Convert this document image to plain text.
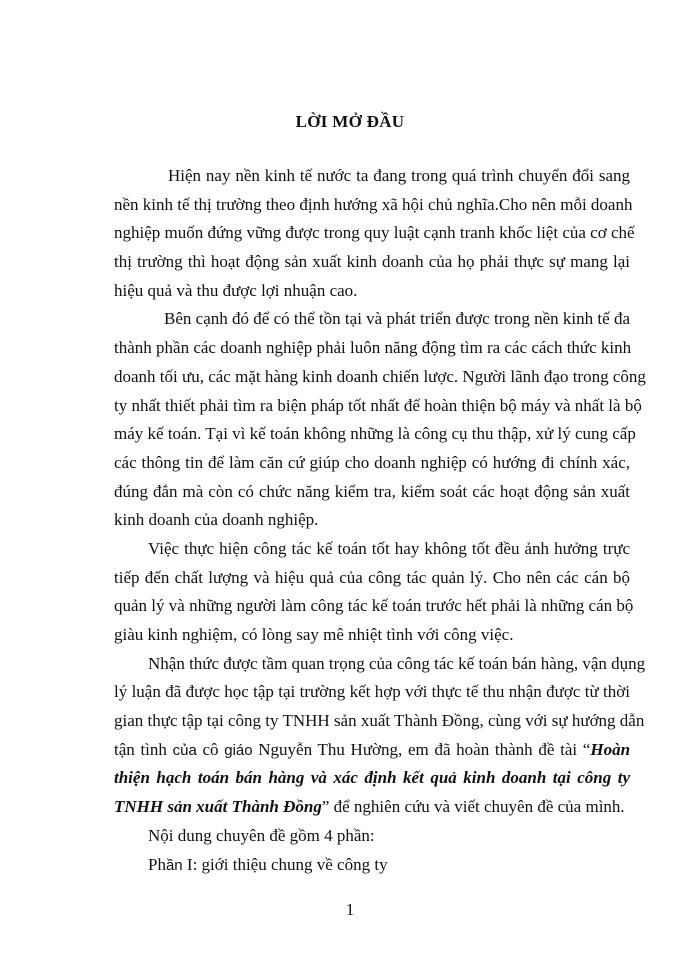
LỜI MỞ ĐẦU
Hiện nay nền kinh tế nước ta đang trong quá trình chuyển đổi sang
nền kinh tế thị trường theo định hướng xã hội chủ nghĩa.Cho nên mỗi doanh
nghiệp muốn đứng vững được trong quy luật cạnh tranh khốc liệt của cơ chế
thị trường thì hoạt động sản xuất kinh doanh của họ phải thực sự mang lại
hiệu quả và thu được lợi nhuận cao.
Bên cạnh đó để có thể tồn tại và phát triển được trong nền kinh tế đa
thành phần các doanh nghiệp phải luôn năng động tìm ra các cách thức kinh
doanh tối ưu, các mặt hàng kinh doanh chiến lược. Người lãnh đạo trong công
ty nhất thiết phải tìm ra biện pháp tốt nhất để hoàn thiện bộ máy và nhất là bộ
máy kế toán. Tại vì kế toán không những là công cụ thu thập, xử lý cung cấp
các thông tin để làm căn cứ giúp cho doanh nghiệp có hướng đi chính xác,
đúng đắn mà còn có chức năng kiểm tra, kiểm soát các hoạt động sản xuất
kinh doanh của doanh nghiệp.
Việc thực hiện công tác kế toán tốt hay không tốt đều ảnh hưởng trực
tiếp đến chất lượng và hiệu quả của công tác quản lý. Cho nên các cán bộ
quản lý và những người làm công tác kế toán trước hết phải là những cán bộ
giàu kinh nghiệm, có lòng say mê nhiệt tình với công việc.
Nhận thức được tầm quan trọng của công tác kế toán bán hàng, vận dụng
lý luận đã được học tập tại trường kết hợp với thực tế thu nhận được từ thời
gian thực tập tại công ty TNHH sản xuất Thành Đồng, cùng với sự hướng dẫn
tận tình của cô giáo Nguyễn Thu Hường, em đã hoàn thành đề tài “Hoàn
thiện hạch toán bán hàng và xác định kết quả kinh doanh tại công ty
TNHH sản xuất Thành Đồng” để nghiên cứu và viết chuyên đề của mình.
Nội dung chuyên đề gồm 4 phần:
Phần I: giới thiệu chung về công ty
1
